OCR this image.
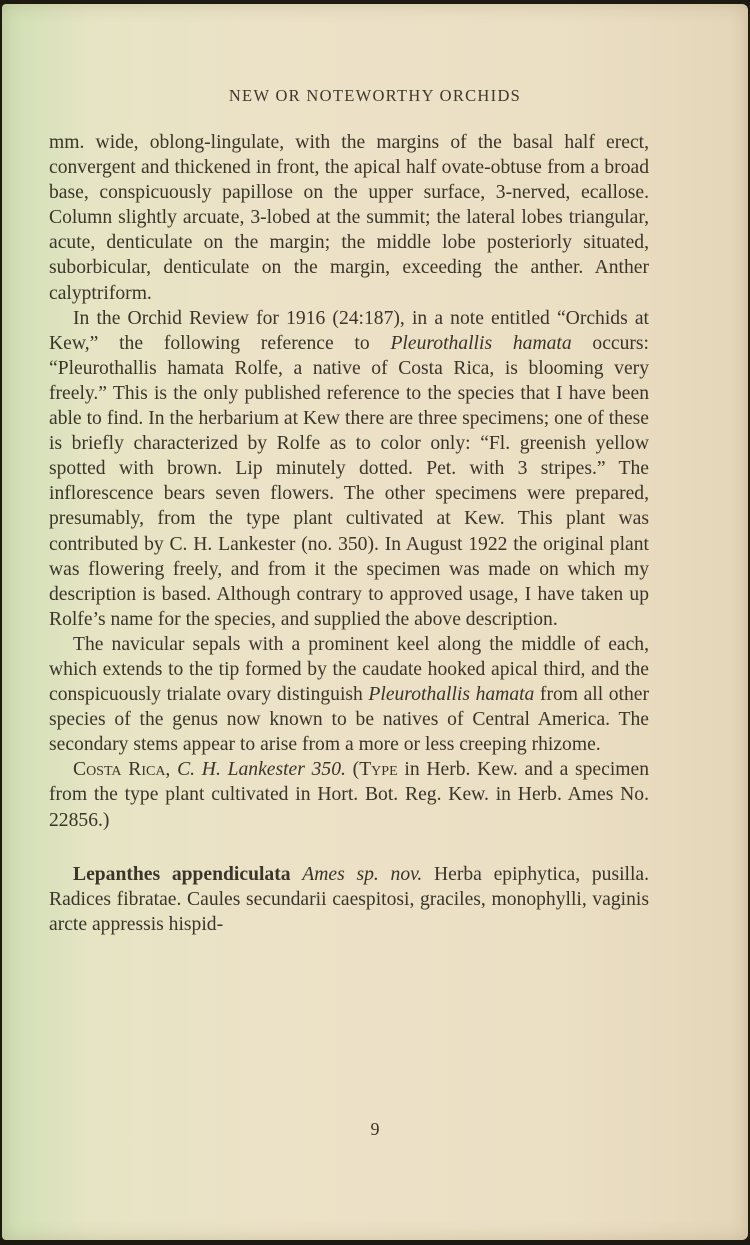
NEW OR NOTEWORTHY ORCHIDS

mm. wide, oblong-lingulate, with the margins of the basal half erect, convergent and thickened in front, the apical half ovate-obtuse from a broad base, conspicuously papillose on the upper surface, 3-nerved, ecallose. Column slightly arcuate, 3-lobed at the summit; the lateral lobes triangular, acute, denticulate on the margin; the middle lobe posteriorly situated, suborbicular, denticulate on the margin, exceeding the anther. Anther calyptriform.

In the Orchid Review for 1916 (24:187), in a note entitled “Orchids at Kew,” the following reference to Pleurothallis hamata occurs: “Pleurothallis hamata Rolfe, a native of Costa Rica, is blooming very freely.” This is the only published reference to the species that I have been able to find. In the herbarium at Kew there are three specimens; one of these is briefly characterized by Rolfe as to color only: “Fl. greenish yellow spotted with brown. Lip minutely dotted. Pet. with 3 stripes.” The inflorescence bears seven flowers. The other specimens were prepared, presumably, from the type plant cultivated at Kew. This plant was contributed by C. H. Lankester (no. 350). In August 1922 the original plant was flowering freely, and from it the specimen was made on which my description is based. Although contrary to approved usage, I have taken up Rolfe’s name for the species, and supplied the above description.

The navicular sepals with a prominent keel along the middle of each, which extends to the tip formed by the caudate hooked apical third, and the conspicuously trialate ovary distinguish Pleurothallis hamata from all other species of the genus now known to be natives of Central America. The secondary stems appear to arise from a more or less creeping rhizome.

Costa Rica, C. H. Lankester 350. (Type in Herb. Kew. and a specimen from the type plant cultivated in Hort. Bot. Reg. Kew. in Herb. Ames No. 22856.)

Lepanthes appendiculata Ames sp. nov. Herba epiphytica, pusilla. Radices fibratae. Caules secundarii caespitosi, graciles, monophylli, vaginis arcte appressis hispid-

9
